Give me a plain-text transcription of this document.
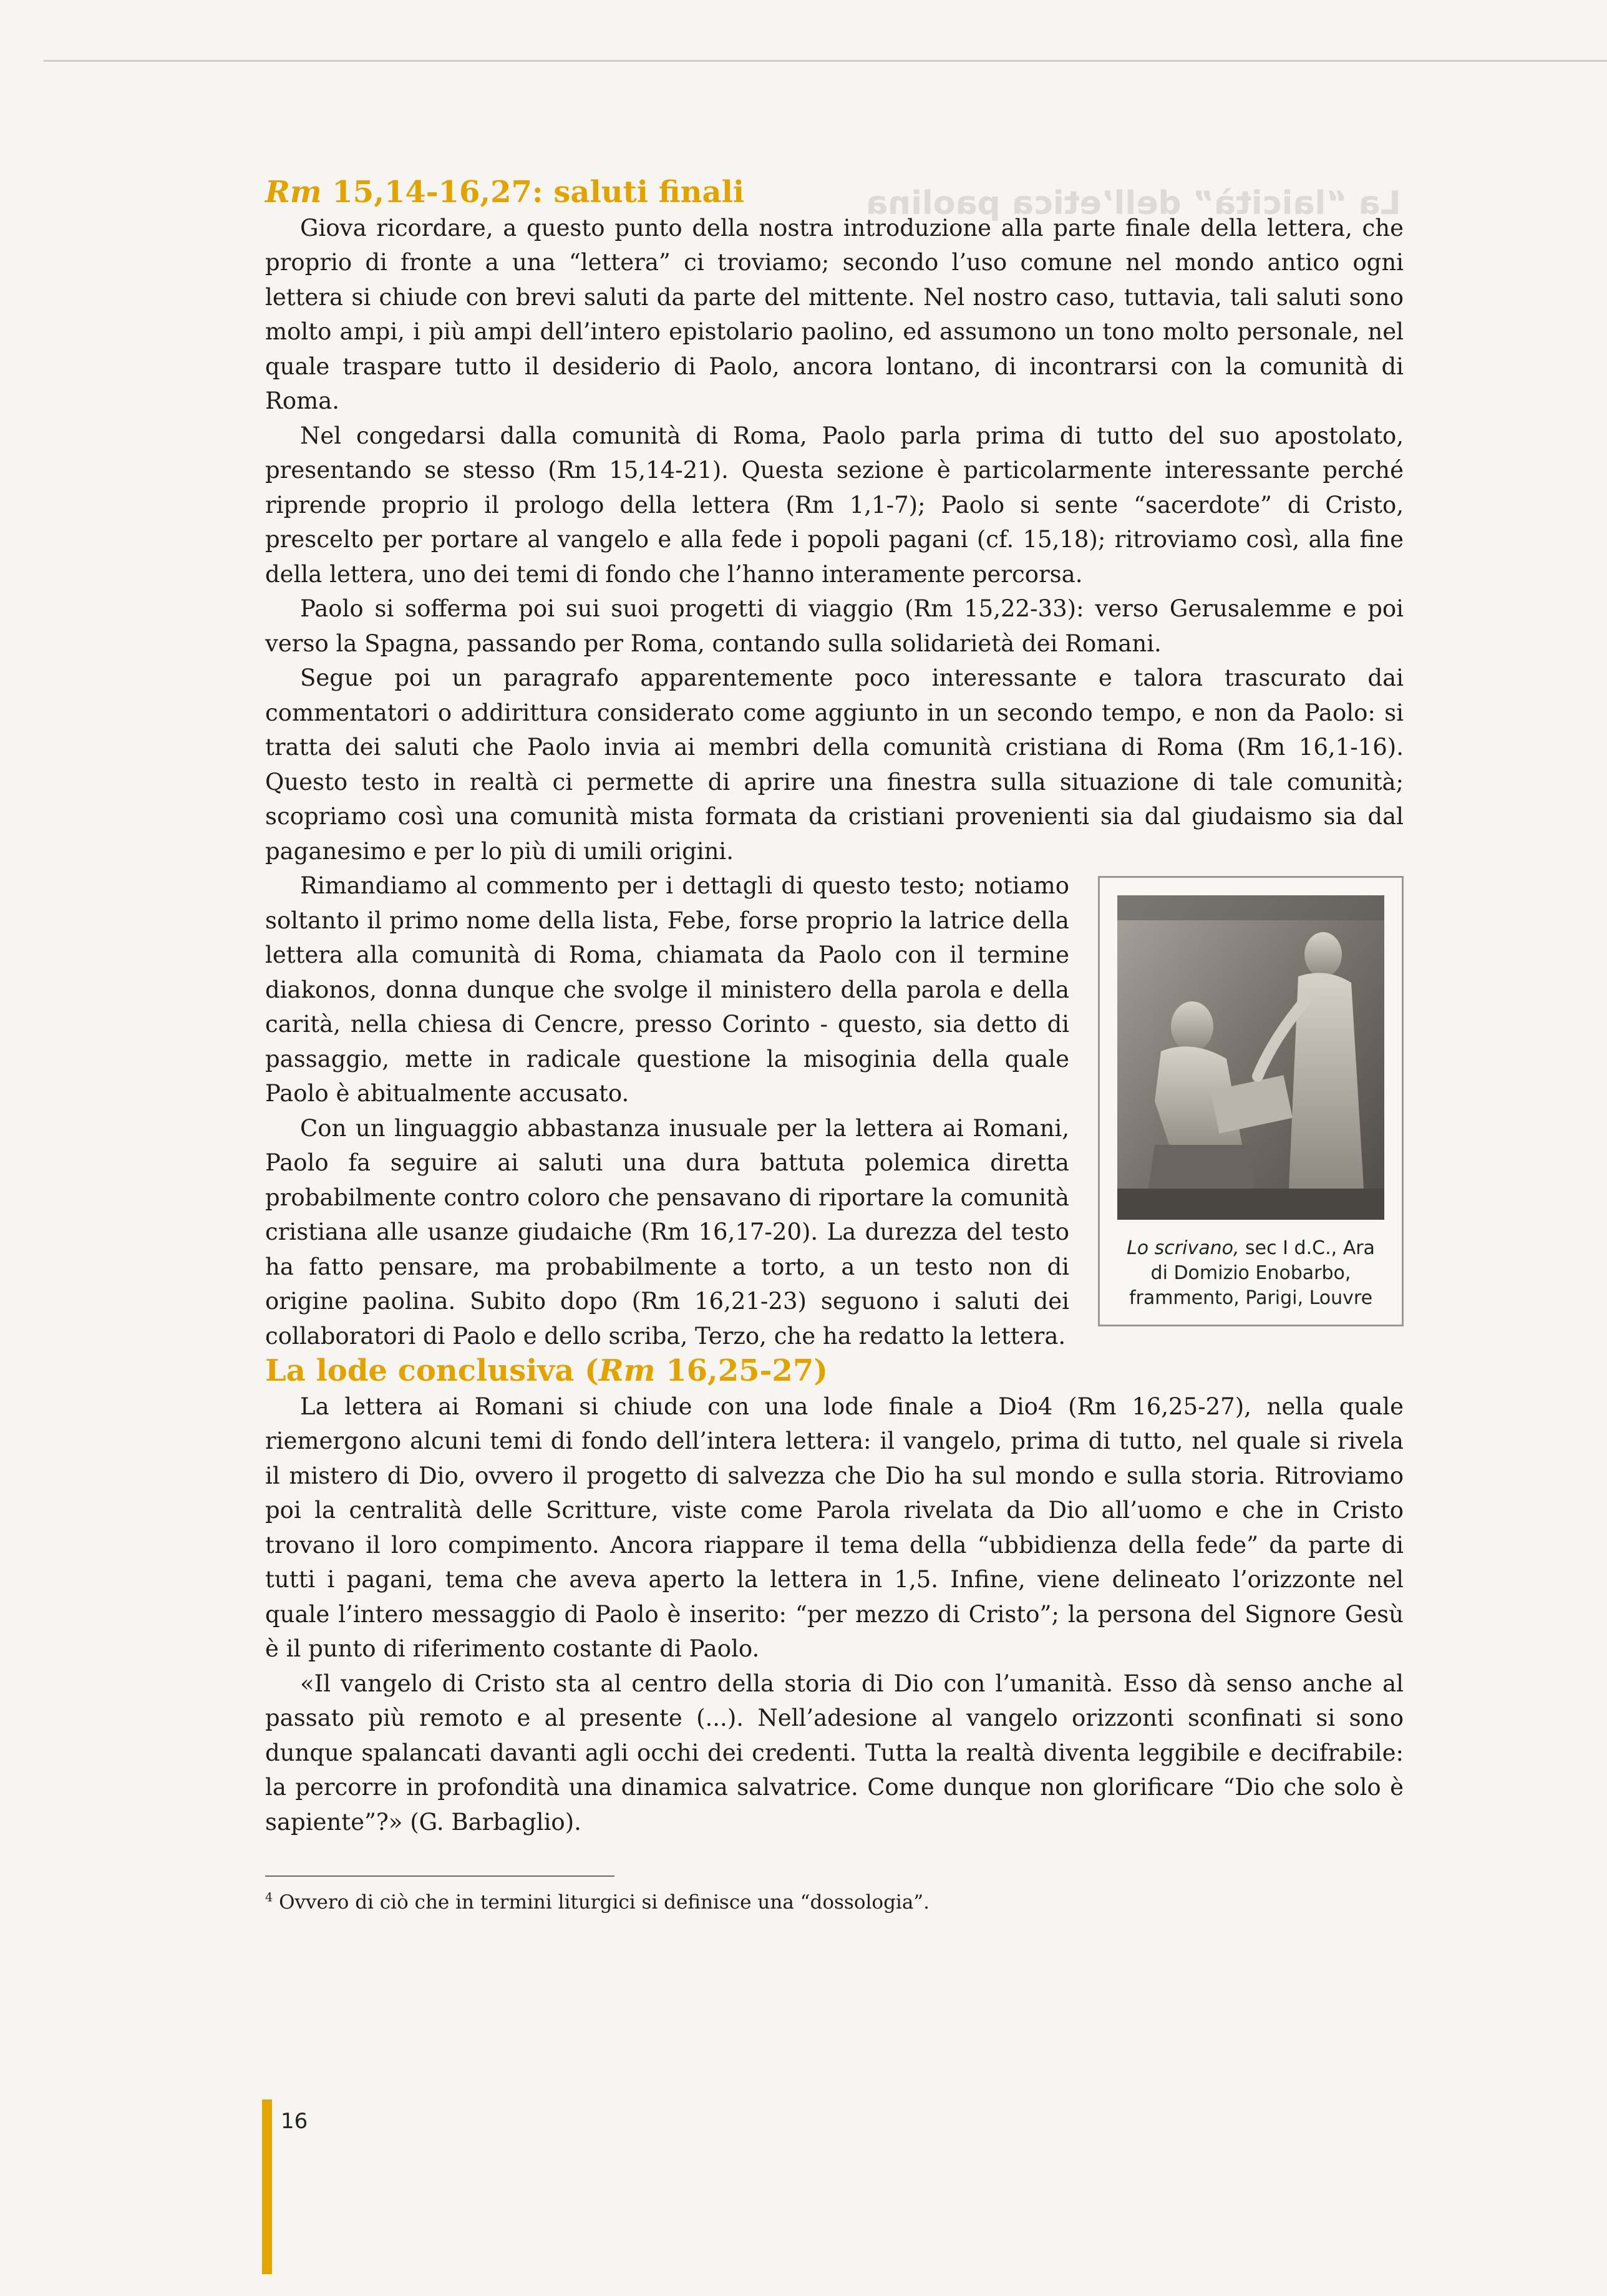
La “laicità” dell’etica paolina
Rm 15,14-16,27: saluti finali

Giova ricordare, a questo punto della nostra introduzione alla parte finale della lettera, che proprio di fronte a una “lettera” ci troviamo; secondo l’uso comune nel mondo antico ogni lettera si chiude con brevi saluti da parte del mittente. Nel nostro caso, tuttavia, tali saluti sono molto ampi, i più ampi dell’intero epistolario paolino, ed assumono un tono molto personale, nel quale traspare tutto il desiderio di Paolo, ancora lontano, di incontrarsi con la comunità di Roma.

Nel congedarsi dalla comunità di Roma, Paolo parla prima di tutto del suo apostolato, presentando se stesso (Rm 15,14-21). Questa sezione è particolarmente interessante perché riprende proprio il prologo della lettera (Rm 1,1-7); Paolo si sente “sacerdote” di Cristo, prescelto per portare al vangelo e alla fede i popoli pagani (cf. 15,18); ritroviamo così, alla fine della lettera, uno dei temi di fondo che l’hanno interamente percorsa.

Paolo si sofferma poi sui suoi progetti di viaggio (Rm 15,22-33): verso Gerusalemme e poi verso la Spagna, passando per Roma, contando sulla solidarietà dei Romani.

Segue poi un paragrafo apparentemente poco interessante e talora trascurato dai commentatori o addirittura considerato come aggiunto in un secondo tempo, e non da Paolo: si tratta dei saluti che Paolo invia ai membri della comunità cristiana di Roma (Rm 16,1-16). Questo testo in realtà ci permette di aprire una finestra sulla situazione di tale comunità; scopriamo così una comunità mista formata da cristiani provenienti sia dal giudaismo sia dal paganesimo e per lo più di umili origini.

Lo scrivano, sec I d.C., Ara di Domizio Enobarbo, frammento, Parigi, Louvre

Rimandiamo al commento per i dettagli di questo testo; notiamo soltanto il primo nome della lista, Febe, forse proprio la latrice della lettera alla comunità di Roma, chiamata da Paolo con il termine diakonos, donna dunque che svolge il ministero della parola e della carità, nella chiesa di Cencre, presso Corinto - questo, sia detto di passaggio, mette in radicale questione la misoginia della quale Paolo è abitualmente accusato.

Con un linguaggio abbastanza inusuale per la lettera ai Romani, Paolo fa seguire ai saluti una dura battuta polemica diretta probabilmente contro coloro che pensavano di riportare la comunità cristiana alle usanze giudaiche (Rm 16,17-20). La durezza del testo ha fatto pensare, ma probabilmente a torto, a un testo non di origine paolina. Subito dopo (Rm 16,21-23) seguono i saluti dei collaboratori di Paolo e dello scriba, Terzo, che ha redatto la lettera.

La lode conclusiva (Rm 16,25-27)

La lettera ai Romani si chiude con una lode finale a Dio4 (Rm 16,25-27), nella quale riemergono alcuni temi di fondo dell’intera lettera: il vangelo, prima di tutto, nel quale si rivela il mistero di Dio, ovvero il progetto di salvezza che Dio ha sul mondo e sulla storia. Ritroviamo poi la centralità delle Scritture, viste come Parola rivelata da Dio all’uomo e che in Cristo trovano il loro compimento. Ancora riappare il tema della “ubbidienza della fede” da parte di tutti i pagani, tema che aveva aperto la lettera in 1,5. Infine, viene delineato l’orizzonte nel quale l’intero messaggio di Paolo è inserito: “per mezzo di Cristo”; la persona del Signore Gesù è il punto di riferimento costante di Paolo.

«Il vangelo di Cristo sta al centro della storia di Dio con l’umanità. Esso dà senso anche al passato più remoto e al presente (...). Nell’adesione al vangelo orizzonti sconfinati si sono dunque spalancati davanti agli occhi dei credenti. Tutta la realtà diventa leggibile e decifrabile: la percorre in profondità una dinamica salvatrice. Come dunque non glorificare “Dio che solo è sapiente”?» (G. Barbaglio).

$^4$ Ovvero di ciò che in termini liturgici si definisce una “dossologia”.

16
